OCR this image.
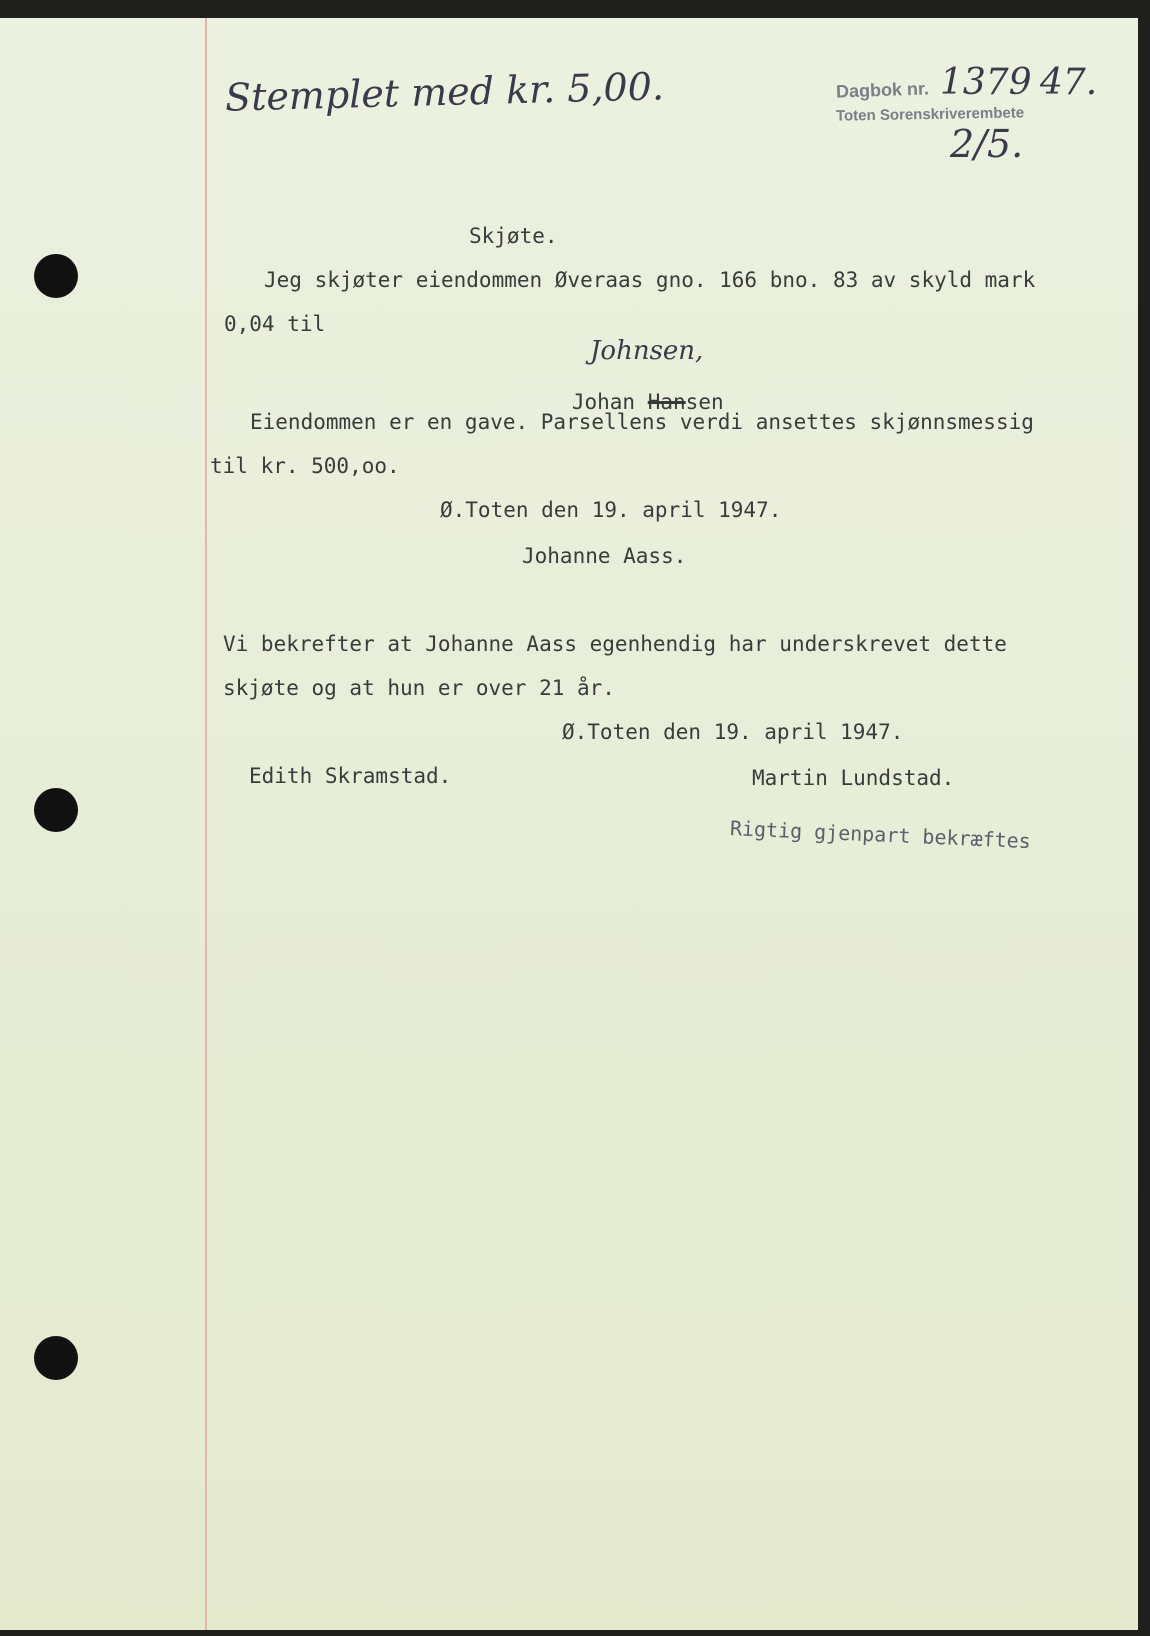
Stemplet med kr. 5,00.	Dagbok nr. 1379 47.
Toten Sorenskriverembete
2/5.
Skjøte.
Jeg skjøter eiendommen Øveraas gno. 166 bno. 83 av skyld mark
0,04 til
Johnsen,

Johan Hansen

Eiendommen er en gave. Parsellens verdi ansettes skjønnsmessig
til kr. 500,oo.
Ø.Toten den 19. april 1947.
Johanne Aass.
Vi bekrefter at Johanne Aass egenhendig har underskrevet dette
skjøte og at hun er over 21 år.
Ø.Toten den 19. april 1947.
Edith Skramstad.	Martin Lundstad.
Rigtig gjenpart bekræftes
